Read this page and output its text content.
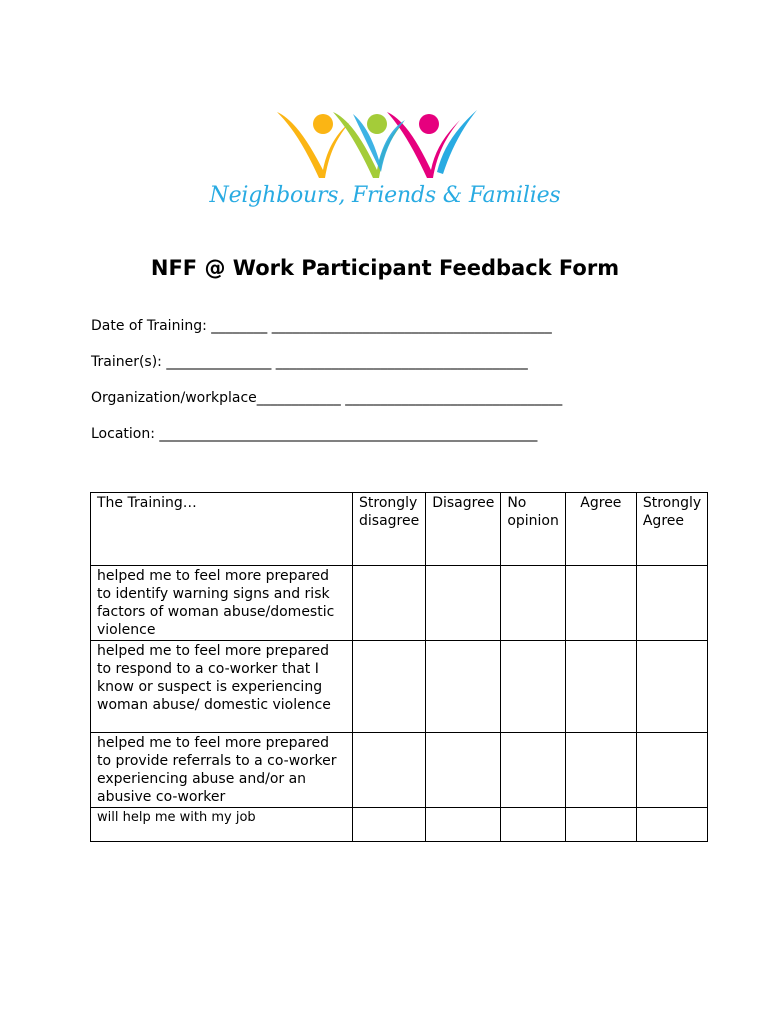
Neighbours, Friends & Families
NFF @ Work Participant Feedback Form
Date of Training: ________ ________________________________________
Trainer(s): _______________ ____________________________________
Organization/workplace____________ _______________________________
Location: ______________________________________________________
The Training…	Strongly disagree	Disagree	No opinion	Agree	Strongly Agree
helped me to feel more prepared to identify warning signs and risk factors of woman abuse/domestic violence					
helped me to feel more prepared to respond to a co-worker that I know or suspect is experiencing woman abuse/ domestic violence					
helped me to feel more prepared to provide referrals to a co-worker experiencing abuse and/or an abusive co-worker					
will help me with my job					
